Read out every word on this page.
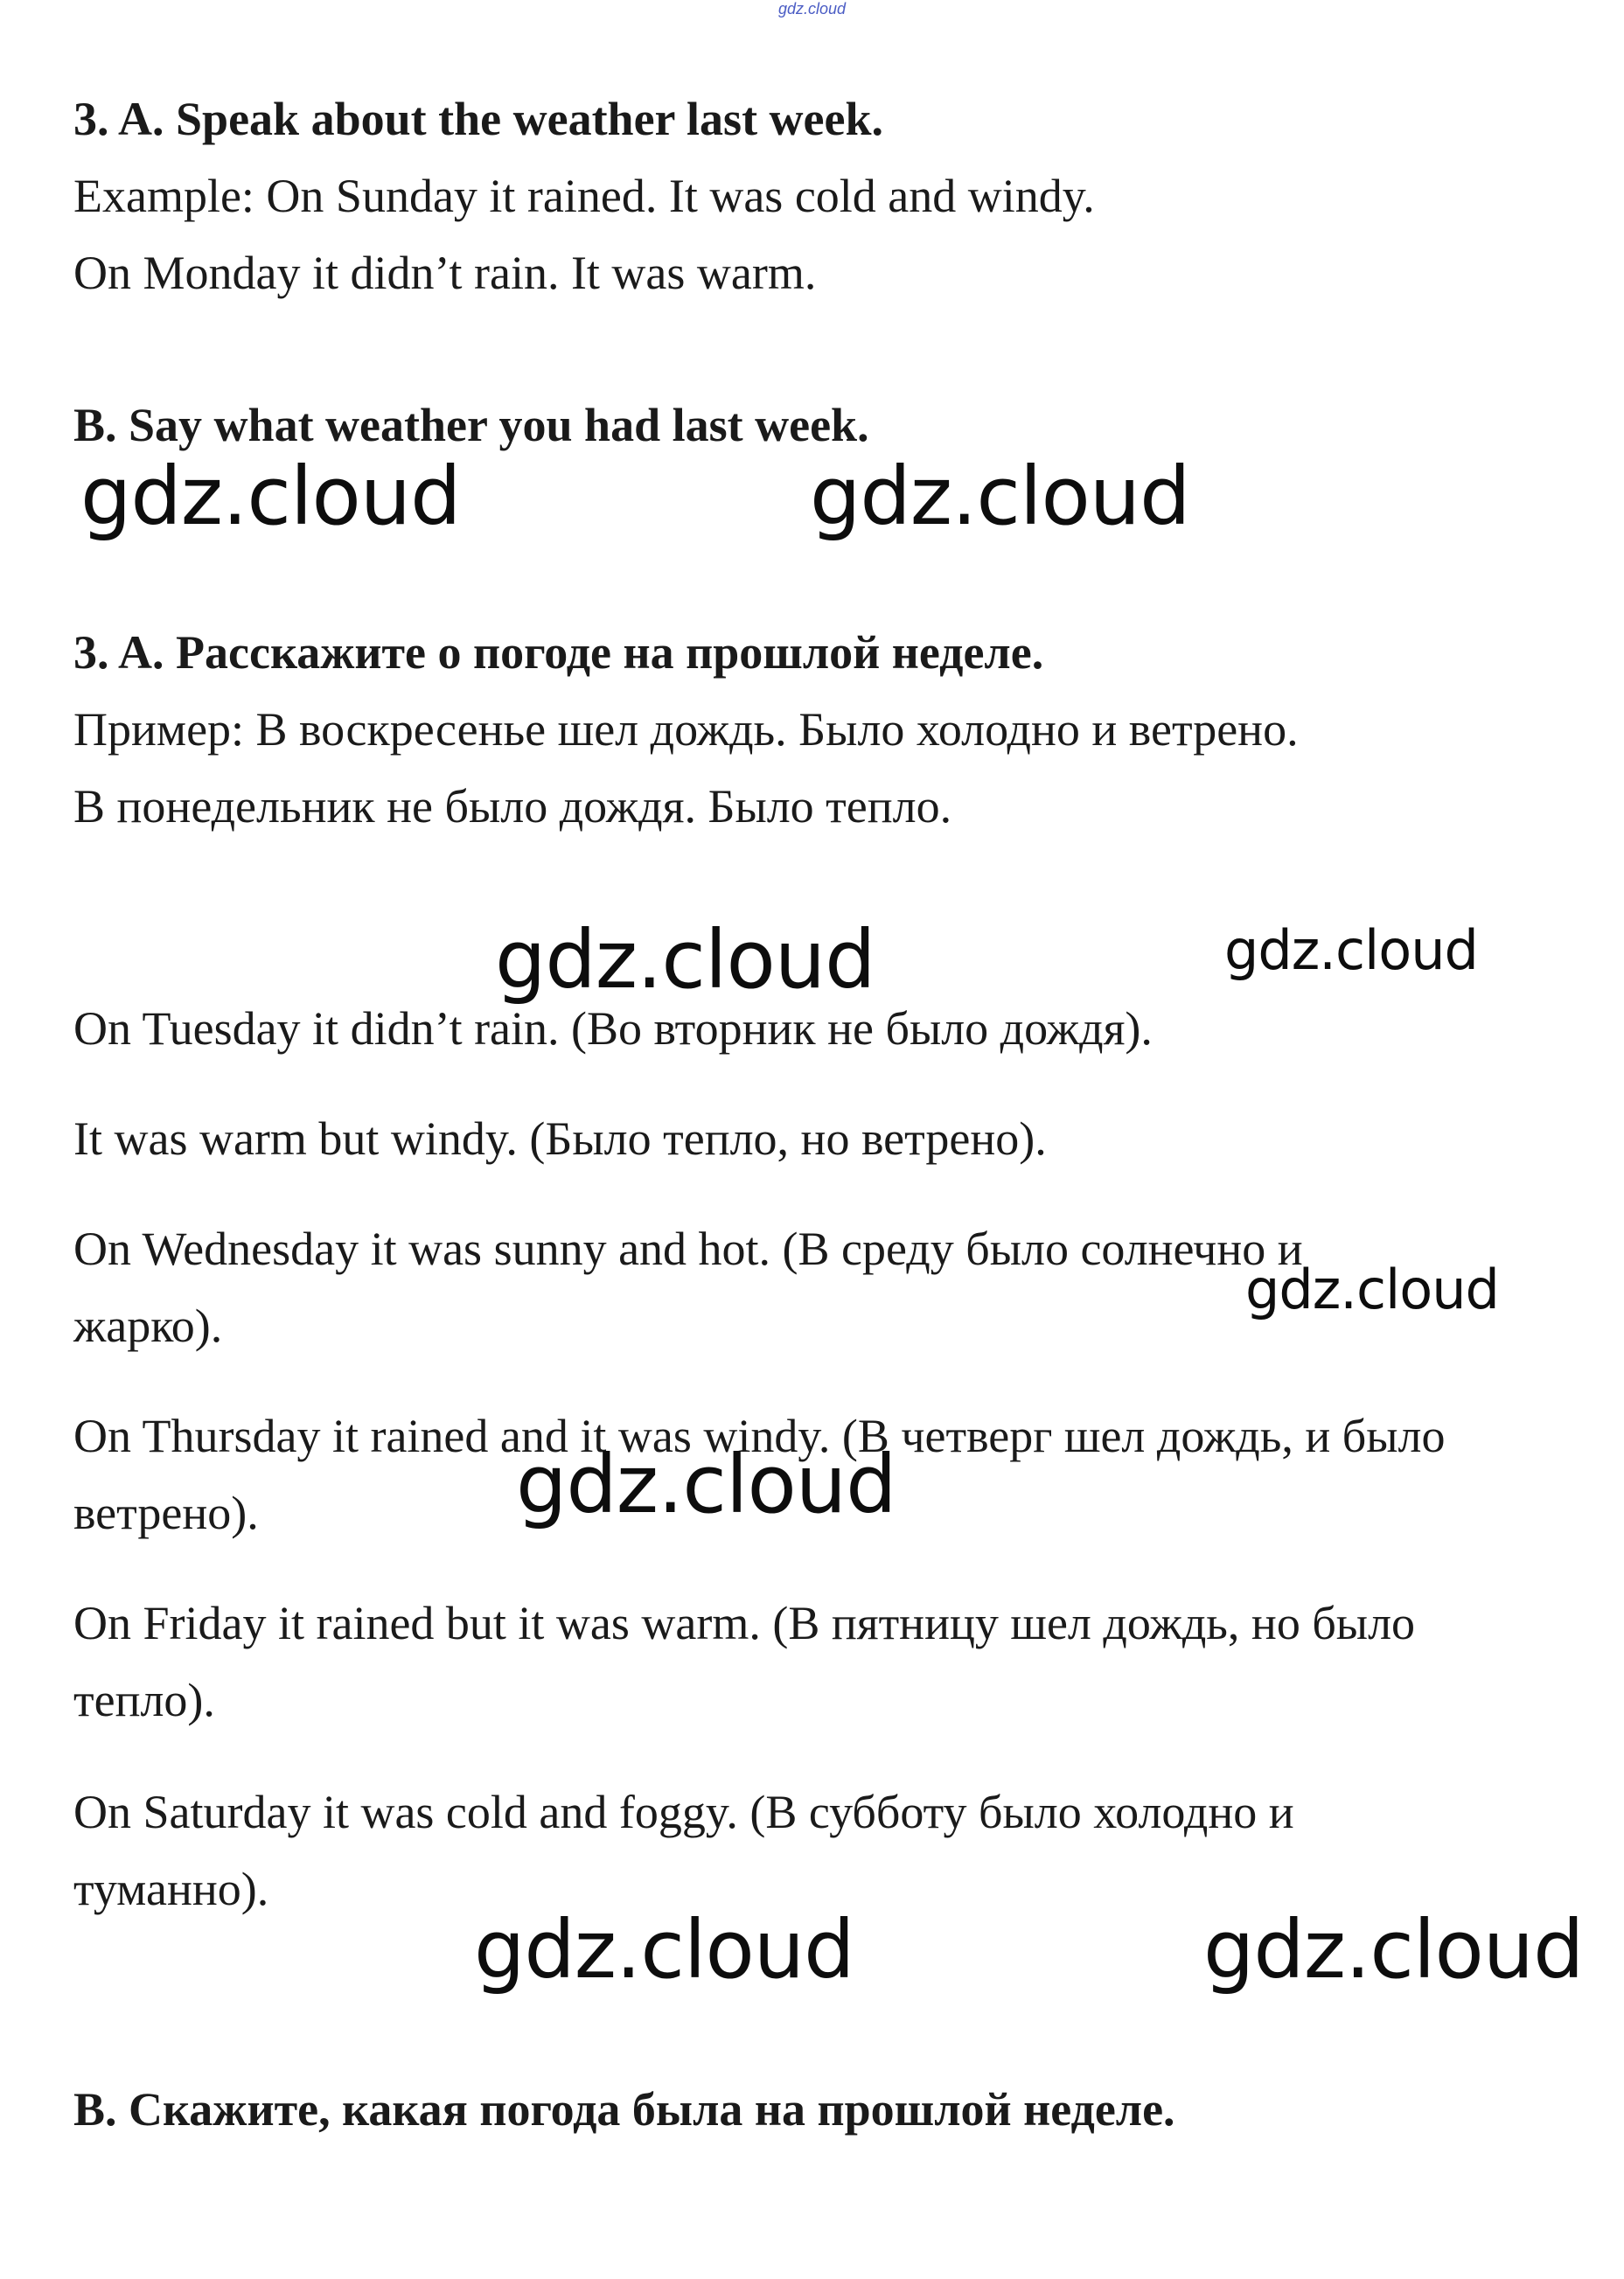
gdz.cloud
3. A. Speak about the weather last week.
Example: On Sunday it rained. It was cold and windy.
On Monday it didn’t rain. It was warm.
B. Say what weather you had last week.
gdz.cloud	gdz.cloud
3. A. Расскажите о погоде на прошлой неделе.
Пример: В воскресенье шел дождь. Было холодно и ветрено.
В понедельник не было дождя. Было тепло.
gdz.cloud	gdz.cloud
On Tuesday it didn’t rain. (Во вторник не было дождя).
It was warm but windy. (Было тепло, но ветрено).
On Wednesday it was sunny and hot. (В среду было солнечно и
жарко).
gdz.cloud
On Thursday it rained and it was windy. (В четверг шел дождь, и было
ветрено).	gdz.cloud
On Friday it rained but it was warm. (В пятницу шел дождь, но было
тепло).
On Saturday it was cold and foggy. (В субботу было холодно и
туманно).
gdz.cloud	gdz.cloud
B. Скажите, какая погода была на прошлой неделе.
